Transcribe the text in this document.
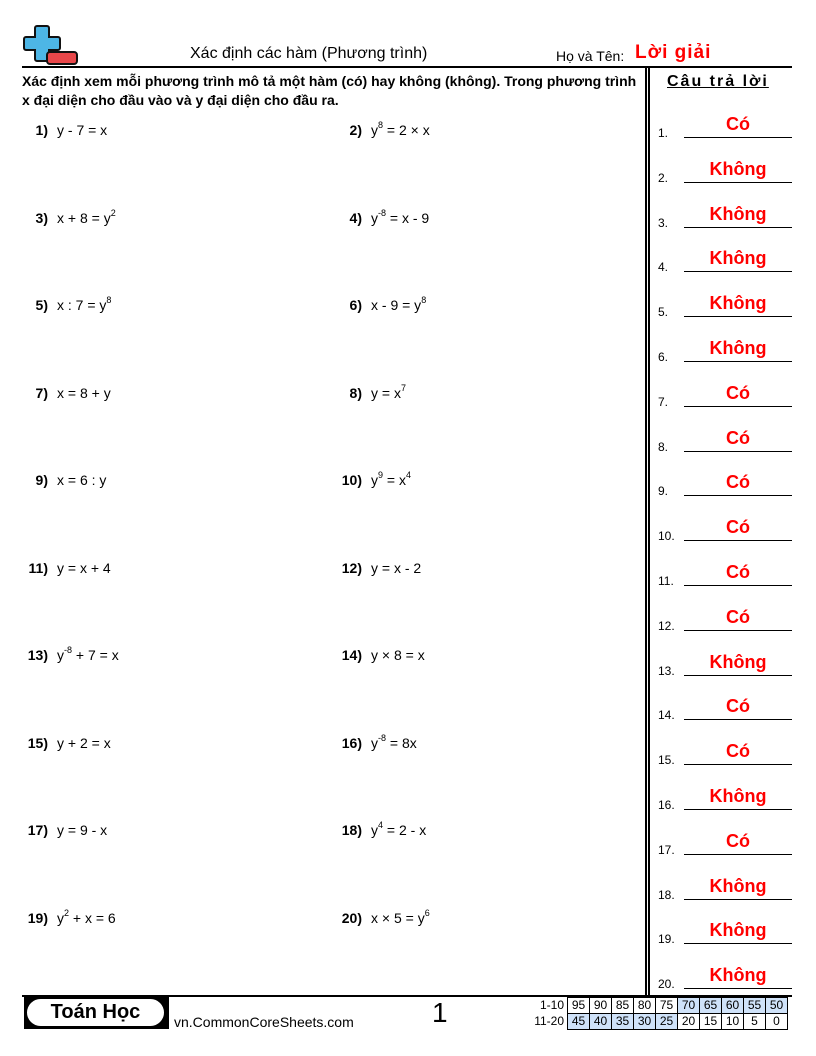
Xác định các hàm (Phương trình)	Họ và Tên: Lời giải
Xác định xem mỗi phương trình mô tả một hàm (có) hay không (không). Trong phương trình x đại diện cho đầu vào và y đại diện cho đầu ra.
1) y - 7 = x	2) $y^8 = 2 \times x$
3) $x + 8 = y^2$	4) $y^{-8} = x - 9$
5) x : $7 = y^8$	6) $x - 9 = y^8$
7) x = 8 + y	8) $y = x^7$
9) x = 6 : y	10) $y^9 = x^4$
11) y = x + 4	12) y = x - 2
13) $y^{-8} + 7 = x$	14) y × 8 = x
15) y + 2 = x	16) $y^{-8} = 8x$
17) y = 9 - x	18) $y^4 = 2 - x$
19) $y^2 + x = 6$	20) $x \times 5 = y^6$
Câu trả lời
1.	Có
2.	Không
3.	Không
4.	Không
5.	Không
6.	Không
7.	Có
8.	Có
9.	Có
10.	Có
11.	Có
12.	Có
13.	Không
14.	Có
15.	Có
16.	Không
17.	Có
18.	Không
19.	Không
20.	Không
Toán Học	vn.CommonCoreSheets.com	1	1-10	95	90	85	80	75	70	65	60	55	50
11-20	45	40	35	30	25	20	15	10	5	0
